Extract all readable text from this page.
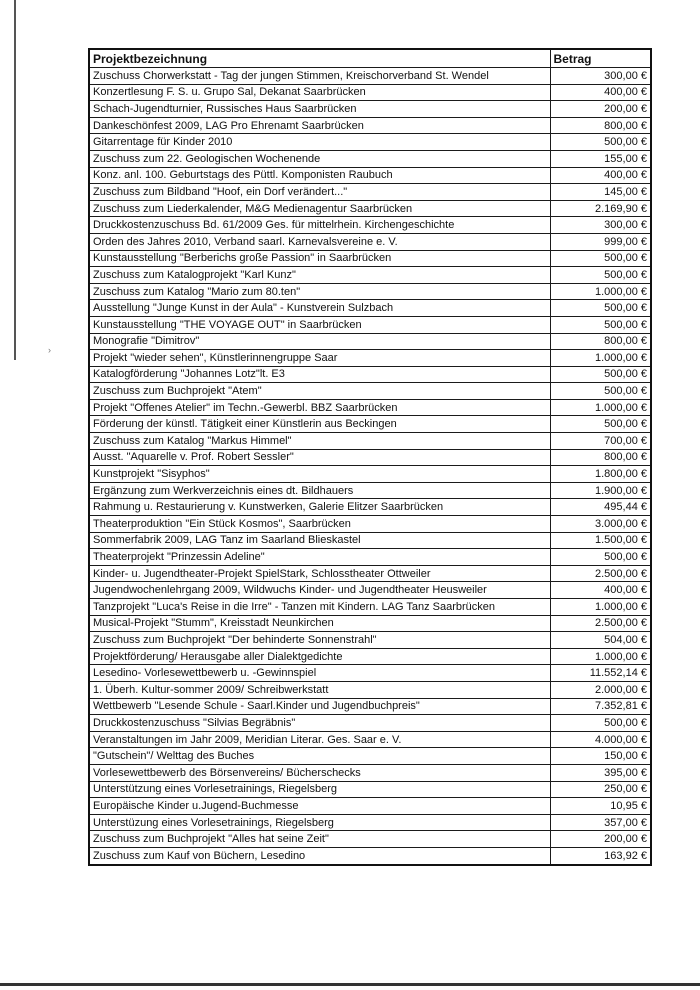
›
Projektbezeichnung	Betrag
Zuschuss Chorwerkstatt - Tag der jungen Stimmen, Kreischorverband St. Wendel	300,00 €
Konzertlesung F. S. u. Grupo Sal, Dekanat Saarbrücken	400,00 €
Schach-Jugendturnier, Russisches Haus Saarbrücken	200,00 €
Dankeschönfest 2009, LAG Pro Ehrenamt Saarbrücken	800,00 €
Gitarrentage für Kinder 2010	500,00 €
Zuschuss zum 22. Geologischen Wochenende	155,00 €
Konz. anl. 100. Geburtstags des Püttl. Komponisten Raubuch	400,00 €
Zuschuss zum Bildband "Hoof, ein Dorf verändert..."	145,00 €
Zuschuss zum Liederkalender, M&G Medienagentur Saarbrücken	2.169,90 €
Druckkostenzuschuss Bd. 61/2009 Ges. für mittelrhein. Kirchengeschichte	300,00 €
Orden des Jahres 2010, Verband saarl. Karnevalsvereine e. V.	999,00 €
Kunstausstellung "Berberichs große Passion" in Saarbrücken	500,00 €
Zuschuss zum Katalogprojekt "Karl Kunz"	500,00 €
Zuschuss zum Katalog "Mario zum 80.ten"	1.000,00 €
Ausstellung "Junge Kunst in der Aula" - Kunstverein Sulzbach	500,00 €
Kunstausstellung "THE VOYAGE OUT" in Saarbrücken	500,00 €
Monografie "Dimitrov"	800,00 €
Projekt "wieder sehen", Künstlerinnengruppe Saar	1.000,00 €
Katalogförderung "Johannes Lotz"lt. E3	500,00 €
Zuschuss zum Buchprojekt "Atem"	500,00 €
Projekt "Offenes Atelier" im Techn.-Gewerbl. BBZ Saarbrücken	1.000,00 €
Förderung der künstl. Tätigkeit einer Künstlerin aus Beckingen	500,00 €
Zuschuss zum Katalog "Markus Himmel"	700,00 €
Ausst. "Aquarelle v. Prof. Robert Sessler"	800,00 €
Kunstprojekt "Sisyphos"	1.800,00 €
Ergänzung zum Werkverzeichnis eines dt. Bildhauers	1.900,00 €
Rahmung u. Restaurierung v. Kunstwerken, Galerie Elitzer Saarbrücken	495,44 €
Theaterproduktion "Ein Stück Kosmos", Saarbrücken	3.000,00 €
Sommerfabrik 2009, LAG Tanz im Saarland Blieskastel	1.500,00 €
Theaterprojekt "Prinzessin Adeline"	500,00 €
Kinder- u. Jugendtheater-Projekt SpielStark, Schlosstheater Ottweiler	2.500,00 €
Jugendwochenlehrgang 2009, Wildwuchs Kinder- und Jugendtheater Heusweiler	400,00 €
Tanzprojekt "Luca's Reise in die Irre" - Tanzen mit Kindern. LAG Tanz Saarbrücken	1.000,00 €
Musical-Projekt "Stumm", Kreisstadt Neunkirchen	2.500,00 €
Zuschuss zum Buchprojekt "Der behinderte Sonnenstrahl"	504,00 €
Projektförderung/ Herausgabe aller Dialektgedichte	1.000,00 €
Lesedino- Vorlesewettbewerb u. -Gewinnspiel	11.552,14 €
1. Überh. Kultur-sommer 2009/ Schreibwerkstatt	2.000,00 €
Wettbewerb "Lesende Schule - Saarl.Kinder und Jugendbuchpreis"	7.352,81 €
Druckkostenzuschuss "Silvias Begräbnis"	500,00 €
Veranstaltungen im Jahr 2009, Meridian Literar. Ges. Saar e. V.	4.000,00 €
"Gutschein"/ Welttag des Buches	150,00 €
Vorlesewettbewerb des Börsenvereins/ Bücherschecks	395,00 €
Unterstützung eines Vorlesetrainings, Riegelsberg	250,00 €
Europäische Kinder u.Jugend-Buchmesse	10,95 €
Unterstüzung eines Vorlesetrainings, Riegelsberg	357,00 €
Zuschuss zum Buchprojekt "Alles hat seine Zeit"	200,00 €
Zuschuss zum Kauf von Büchern, Lesedino	163,92 €
